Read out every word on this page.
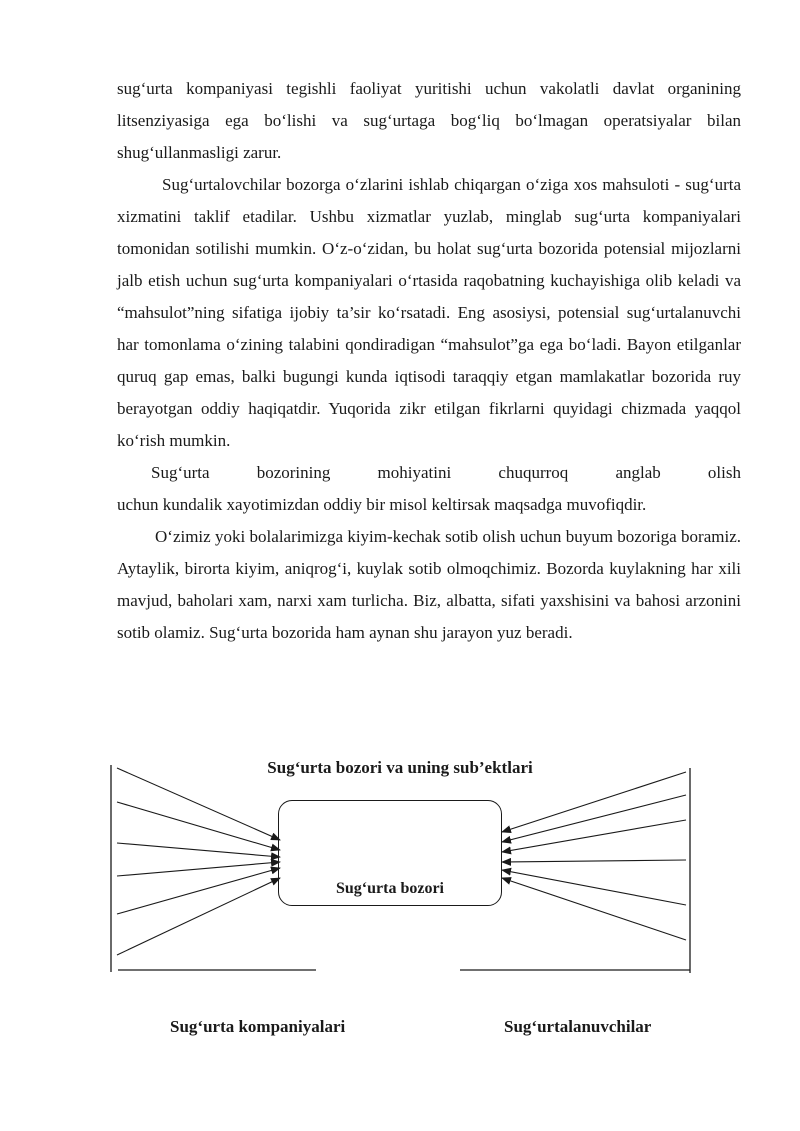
sug‘urta kompaniyasi tegishli faoliyat yuritishi uchun vakolatli davlat organining litsenziyasiga ega bo‘lishi va sug‘urtaga bog‘liq bo‘lmagan operatsiyalar bilan shug‘ullanmasligi zarur.

Sug‘urtalovchilar bozorga o‘zlarini ishlab chiqargan o‘ziga xos mahsuloti - sug‘urta xizmatini taklif etadilar. Ushbu xizmatlar yuzlab, minglab sug‘urta kompaniyalari tomonidan sotilishi mumkin. O‘z-o‘zidan, bu holat sug‘urta bozorida potensial mijozlarni jalb etish uchun sug‘urta kompaniyalari o‘rtasida raqobatning kuchayishiga olib keladi va “mahsulot”ning sifatiga ijobiy ta’sir ko‘rsatadi. Eng asosiysi, potensial sug‘urtalanuvchi har tomonlama o‘zining talabini qondiradigan “mahsulot”ga ega bo‘ladi. Bayon etilganlar quruq gap emas, balki bugungi kunda iqtisodi taraqqiy etgan mamlakatlar bozorida ruy berayotgan oddiy haqiqatdir. Yuqorida zikr etilgan fikrlarni quyidagi chizmada yaqqol ko‘rish mumkin.

Sug‘urta bozorining mohiyatini chuqurroq anglab olish uchun kundalik xayotimizdan oddiy bir misol keltirsak maqsadga muvofiqdir.

O‘zimiz yoki bolalarimizga kiyim-kechak sotib olish uchun buyum bozoriga boramiz. Aytaylik, birorta kiyim, aniqrog‘i, kuylak sotib olmoqchimiz. Bozorda kuylakning har xili mavjud, baholari xam, narxi xam turlicha. Biz, albatta, sifati yaxshisini va bahosi arzonini sotib olamiz. Sug‘urta bozorida ham aynan shu jarayon yuz beradi.

Sug‘urta bozori va uning sub’ektlari
Sug‘urta bozori
Sug‘urta kompaniyalari	Sug‘urtalanuvchilar
